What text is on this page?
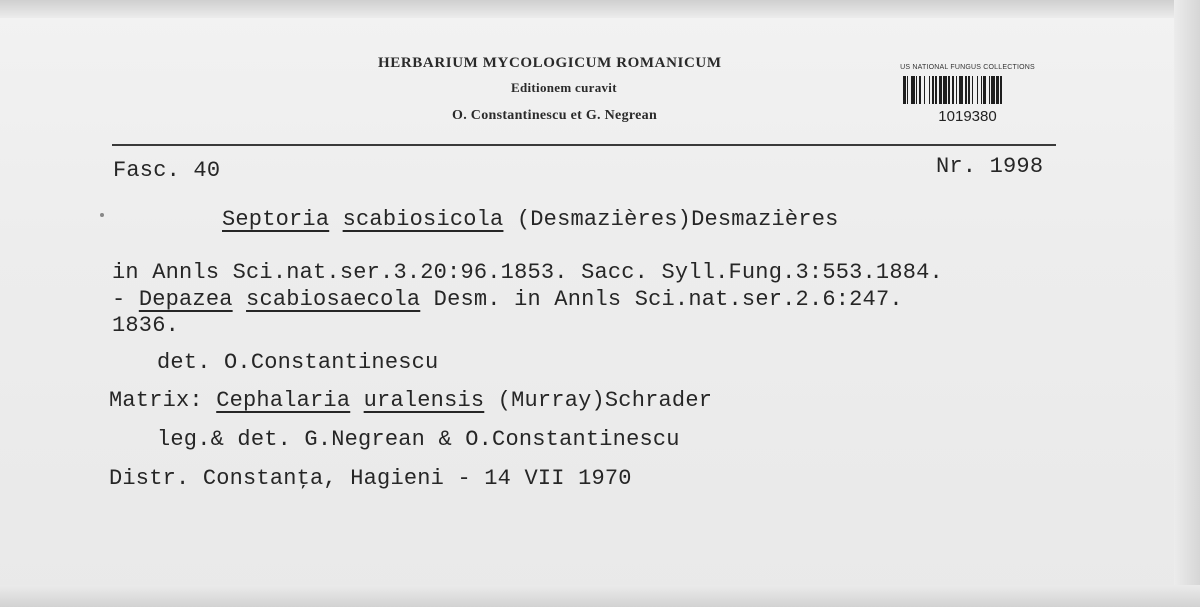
HERBARIUM MYCOLOGICUM ROMANICUM
Editionem curavit
O. Constantinescu et G. Negrean
US NATIONAL FUNGUS COLLECTIONS
1019380
Fasc. 40	Nr. 1998
Septoria scabiosicola (Desmazières)Desmazières
in Annls Sci.nat.ser.3.20:96.1853. Sacc. Syll.Fung.3:553.1884.
- Depazea scabiosaecola Desm. in Annls Sci.nat.ser.2.6:247.
1836.
det. O.Constantinescu
Matrix: Cephalaria uralensis (Murray)Schrader
leg.& det. G.Negrean & O.Constantinescu
Distr. Constanţa, Hagieni - 14 VII 1970
